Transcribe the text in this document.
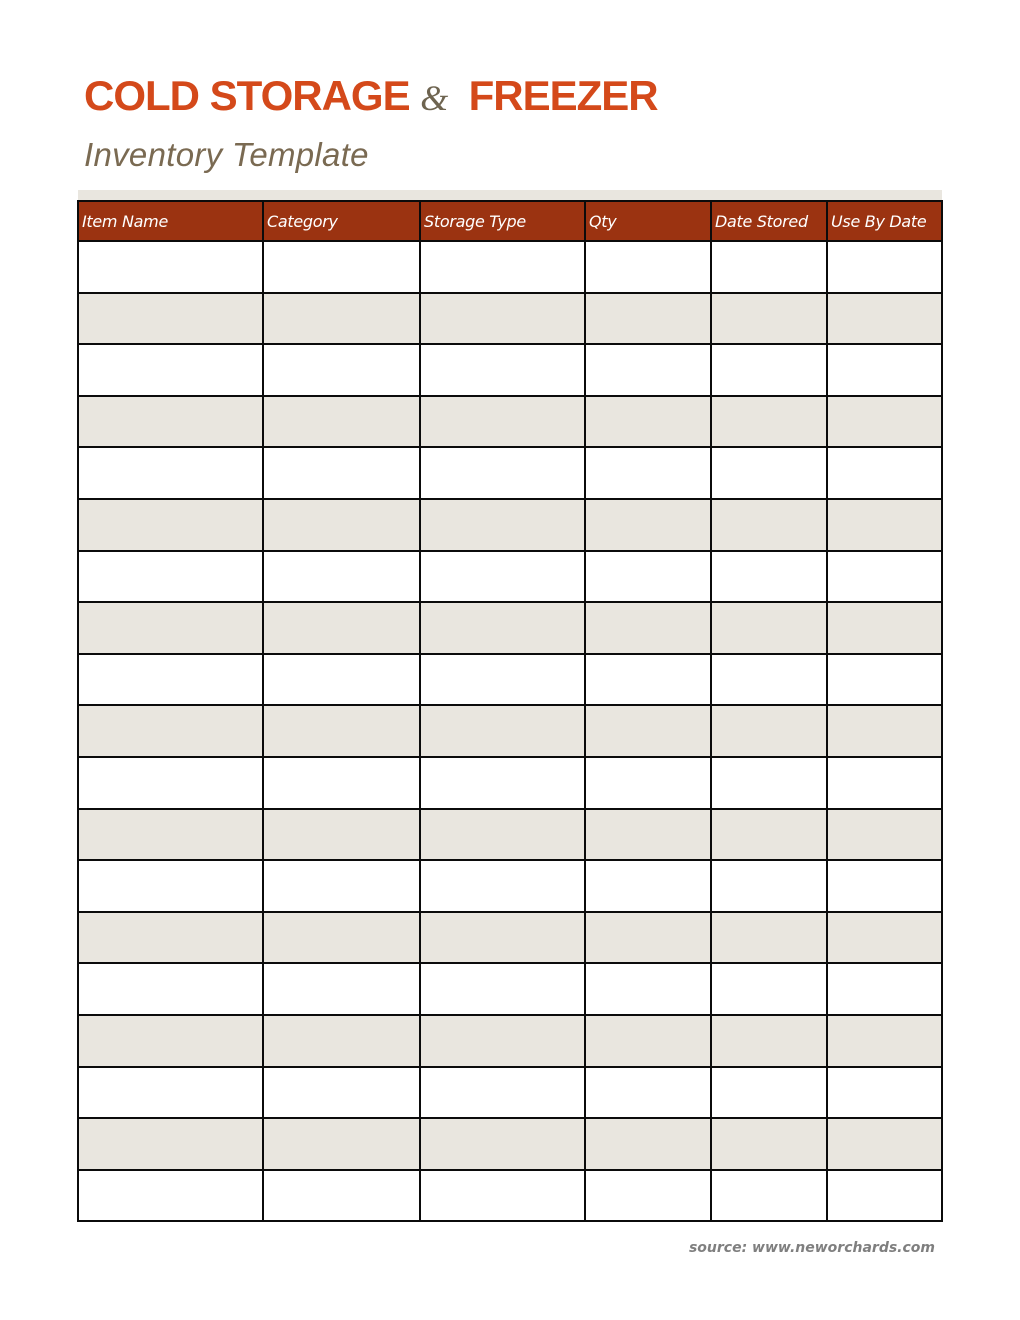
COLD STORAGE &  FREEZER
Inventory Template
Item Name	Category	Storage Type	Qty	Date Stored	Use By Date

source: www.neworchards.com
